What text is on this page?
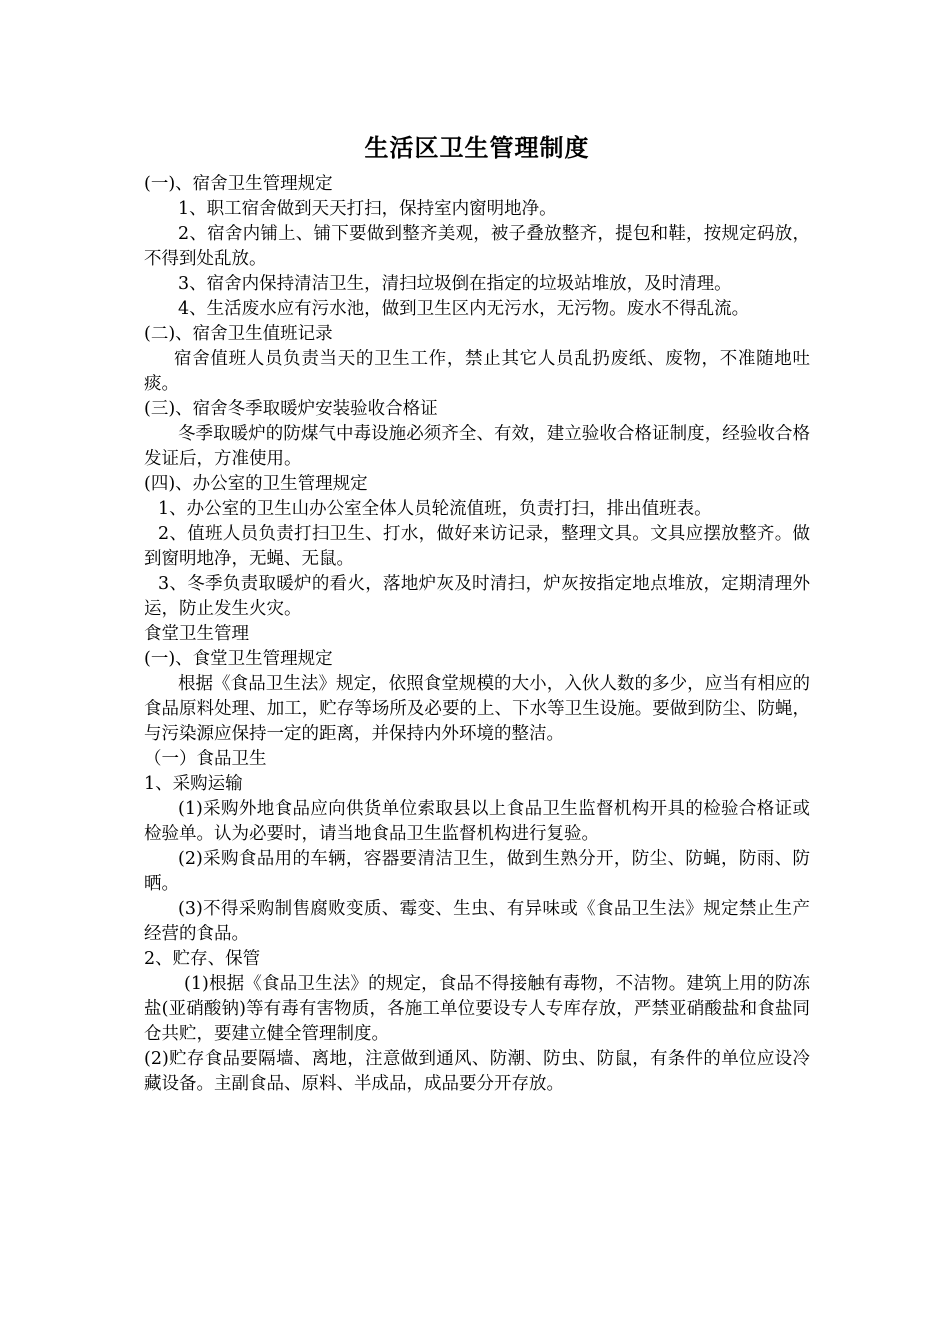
生活区卫生管理制度

(一)、宿舍卫生管理规定

1、职工宿舍做到天天打扫，保持室内窗明地净。

2、宿舍内铺上、铺下要做到整齐美观，被子叠放整齐，提包和鞋，按规定码放，不得到处乱放。

3、宿舍内保持清洁卫生，清扫垃圾倒在指定的垃圾站堆放，及时清理。

4、生活废水应有污水池，做到卫生区内无污水，无污物。废水不得乱流。

(二)、宿舍卫生值班记录

宿舍值班人员负责当天的卫生工作，禁止其它人员乱扔废纸、废物，不准随地吐痰。

(三)、宿舍冬季取暖炉安装验收合格证

冬季取暖炉的防煤气中毒设施必须齐全、有效，建立验收合格证制度，经验收合格发证后，方准使用。

(四)、办公室的卫生管理规定

1、办公室的卫生山办公室全体人员轮流值班，负责打扫，排出值班表。

2、值班人员负责打扫卫生、打水，做好来访记录，整理文具。文具应摆放整齐。做到窗明地净，无蝇、无鼠。

3、冬季负责取暖炉的看火，落地炉灰及时清扫，炉灰按指定地点堆放，定期清理外运，防止发生火灾。

食堂卫生管理

(一)、食堂卫生管理规定

根据《食品卫生法》规定，依照食堂规模的大小，入伙人数的多少，应当有相应的食品原料处理、加工，贮存等场所及必要的上、下水等卫生设施。要做到防尘、防蝇，与污染源应保持一定的距离，并保持内外环境的整洁。

（一）食品卫生

1、采购运输

(1)采购外地食品应向供货单位索取县以上食品卫生监督机构开具的检验合格证或检验单。认为必要时，请当地食品卫生监督机构进行复验。

(2)采购食品用的车辆，容器要清洁卫生，做到生熟分开，防尘、防蝇，防雨、防晒。

(3)不得采购制售腐败变质、霉变、生虫、有异味或《食品卫生法》规定禁止生产经营的食品。

2、贮存、保管

(1)根据《食品卫生法》的规定，食品不得接触有毒物，不洁物。建筑上用的防冻盐(亚硝酸钠)等有毒有害物质，各施工单位要设专人专库存放，严禁亚硝酸盐和食盐同仓共贮，要建立健全管理制度。

(2)贮存食品要隔墙、离地，注意做到通风、防潮、防虫、防鼠，有条件的单位应设冷藏设备。主副食品、原料、半成品，成品要分开存放。
